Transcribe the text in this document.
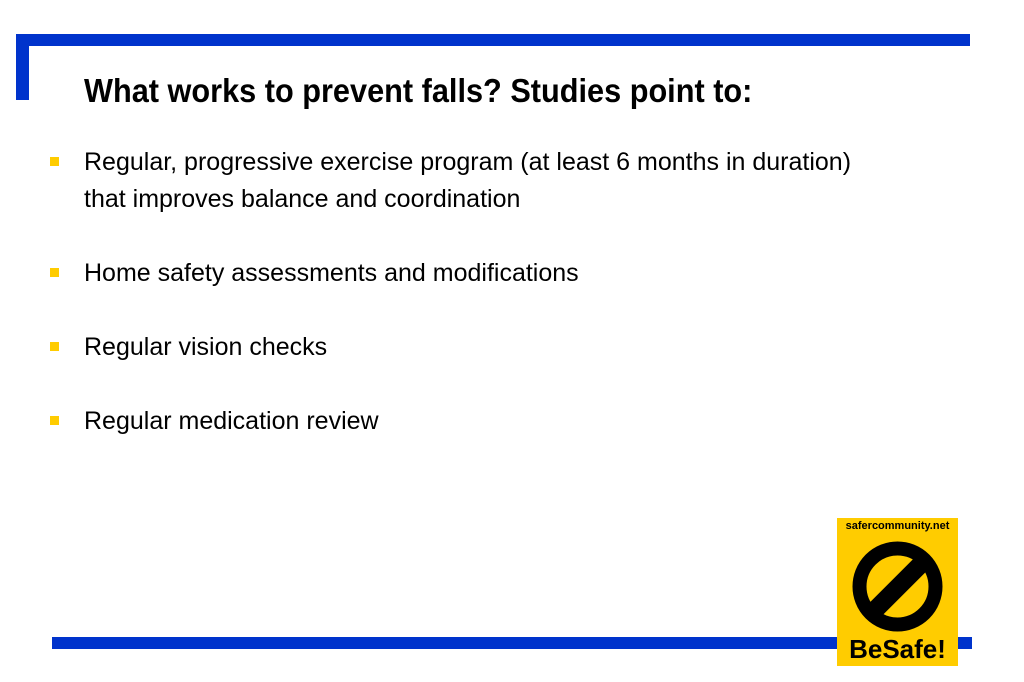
What works to prevent falls? Studies point to:
Regular, progressive exercise program (at least 6 months in duration) that improves balance and coordination
Home safety assessments and modifications
Regular vision checks
Regular medication review
safercommunity.net
BeSafe!
